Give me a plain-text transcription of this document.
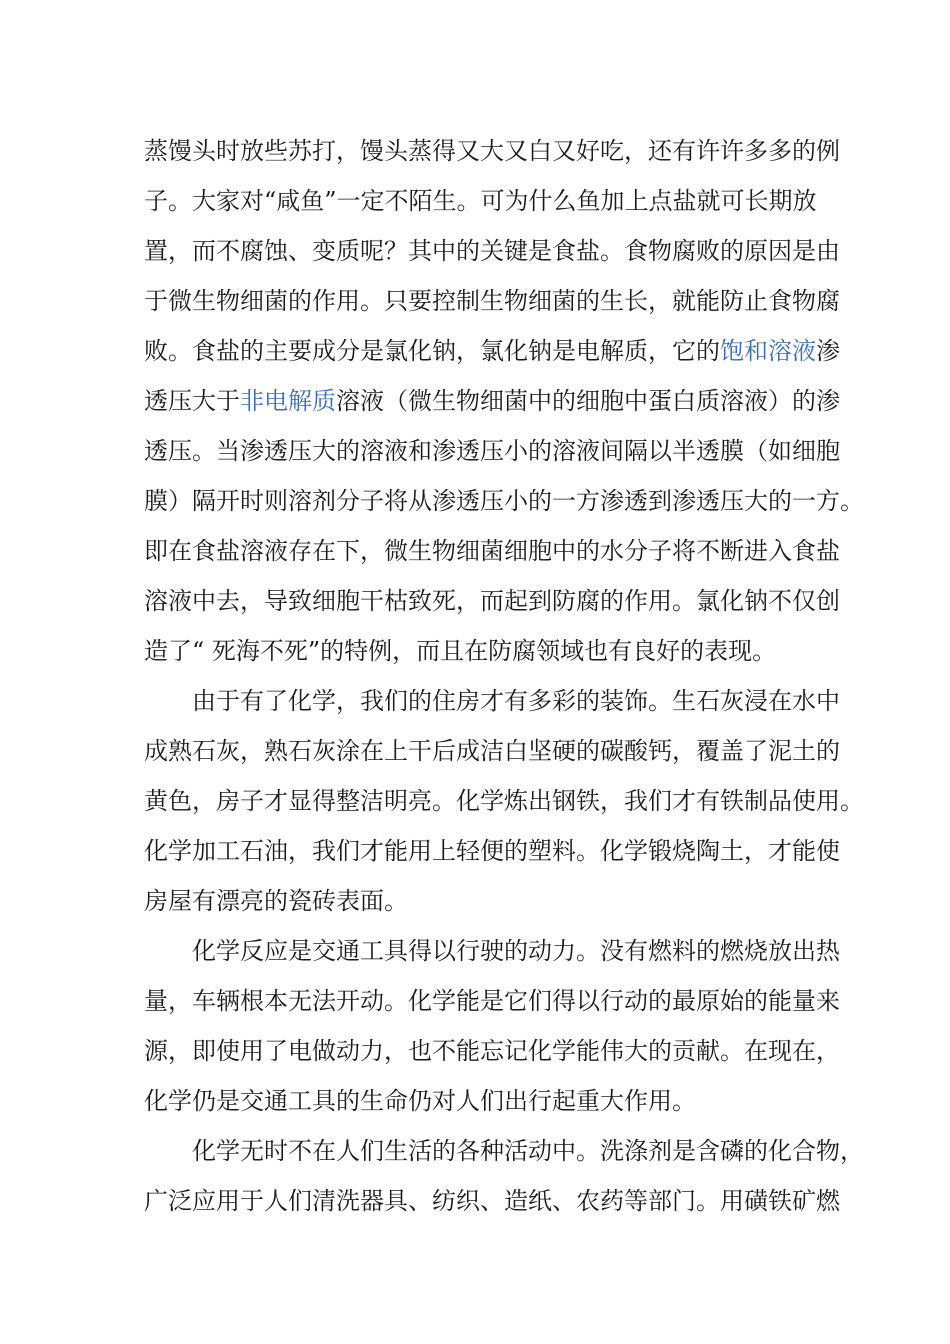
蒸馒头时放些苏打，馒头蒸得又大又白又好吃，还有许许多多的例
子。大家对“咸鱼”一定不陌生。可为什么鱼加上点盐就可长期放
置，而不腐蚀、变质呢？其中的关键是食盐。食物腐败的原因是由
于微生物细菌的作用。只要控制生物细菌的生长，就能防止食物腐
败。食盐的主要成分是氯化钠，氯化钠是电解质，它的饱和溶液渗
透压大于非电解质溶液（微生物细菌中的细胞中蛋白质溶液）的渗
透压。当渗透压大的溶液和渗透压小的溶液间隔以半透膜（如细胞
膜）隔开时则溶剂分子将从渗透压小的一方渗透到渗透压大的一方。
即在食盐溶液存在下，微生物细菌细胞中的水分子将不断进入食盐
溶液中去，导致细胞干枯致死，而起到防腐的作用。氯化钠不仅创
造了“ 死海不死”的特例，而且在防腐领域也有良好的表现。
由于有了化学，我们的住房才有多彩的装饰。生石灰浸在水中
成熟石灰，熟石灰涂在上干后成洁白坚硬的碳酸钙，覆盖了泥土的
黄色，房子才显得整洁明亮。化学炼出钢铁，我们才有铁制品使用。
化学加工石油，我们才能用上轻便的塑料。化学锻烧陶土，才能使
房屋有漂亮的瓷砖表面。
化学反应是交通工具得以行驶的动力。没有燃料的燃烧放出热
量，车辆根本无法开动。化学能是它们得以行动的最原始的能量来
源，即使用了电做动力，也不能忘记化学能伟大的贡献。在现在，
化学仍是交通工具的生命仍对人们出行起重大作用。
化学无时不在人们生活的各种活动中。洗涤剂是含磷的化合物，
广泛应用于人们清洗器具、纺织、造纸、农药等部门。用磺铁矿燃
